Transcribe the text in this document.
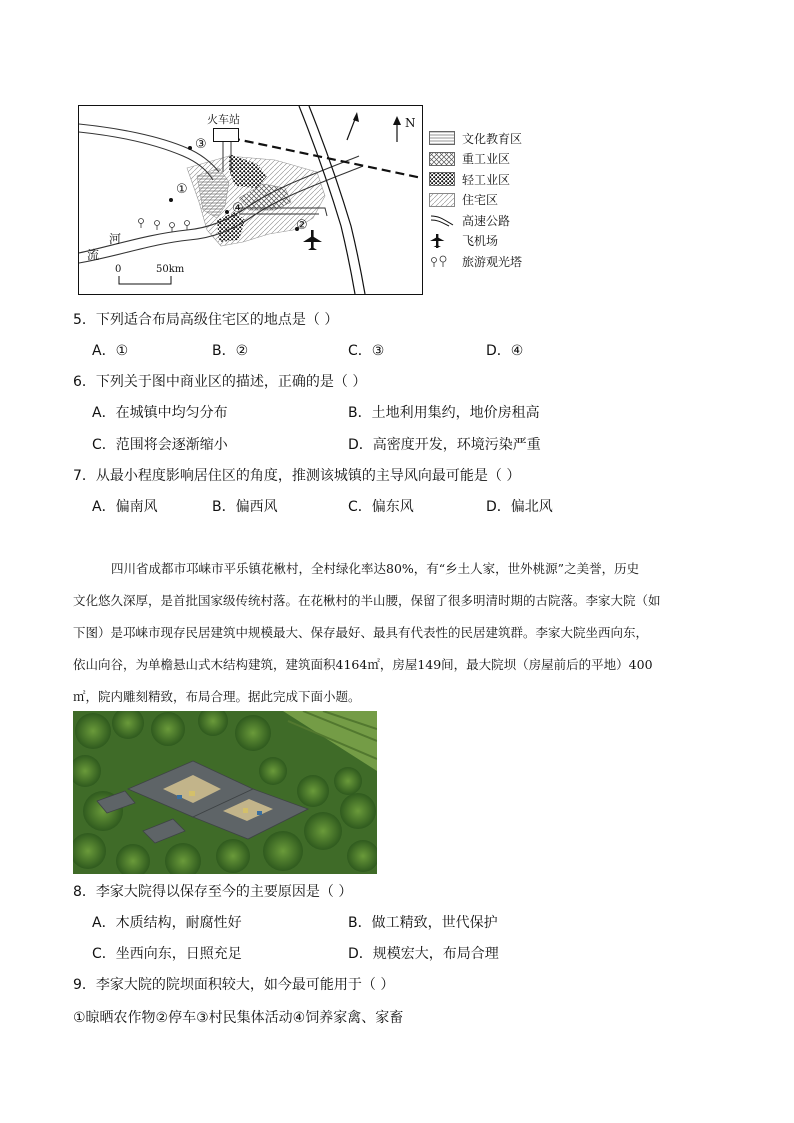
火车站	N
③
①
④
②
河
流
0	50km
文化教育区
重工业区
轻工业区
住宅区
高速公路
飞机场
旅游观光塔
5．下列适合布局高级住宅区的地点是（ ）
A．①	B．②	C．③	D．④
6．下列关于图中商业区的描述，正确的是（ ）
A．在城镇中均匀分布	B．土地利用集约，地价房租高
C．范围将会逐渐缩小	D．高密度开发，环境污染严重
7．从最小程度影响居住区的角度，推测该城镇的主导风向最可能是（ ）
A．偏南风	B．偏西风	C．偏东风	D．偏北风
四川省成都市邛崃市平乐镇花楸村，全村绿化率达80%，有“乡土人家，世外桃源”之美誉，历史
文化悠久深厚，是首批国家级传统村落。在花楸村的半山腰，保留了很多明清时期的古院落。李家大院（如
下图）是邛崃市现存民居建筑中规模最大、保存最好、最具有代表性的民居建筑群。李家大院坐西向东，
依山向谷，为单檐悬山式木结构建筑，建筑面积4164㎡，房屋149间，最大院坝（房屋前后的平地）400
㎡，院内雕刻精致，布局合理。据此完成下面小题。
8．李家大院得以保存至今的主要原因是（ ）
A．木质结构，耐腐性好	B．做工精致，世代保护
C．坐西向东，日照充足	D．规模宏大，布局合理
9．李家大院的院坝面积较大，如今最可能用于（ ）
①晾晒农作物②停车③村民集体活动④饲养家禽、家畜
